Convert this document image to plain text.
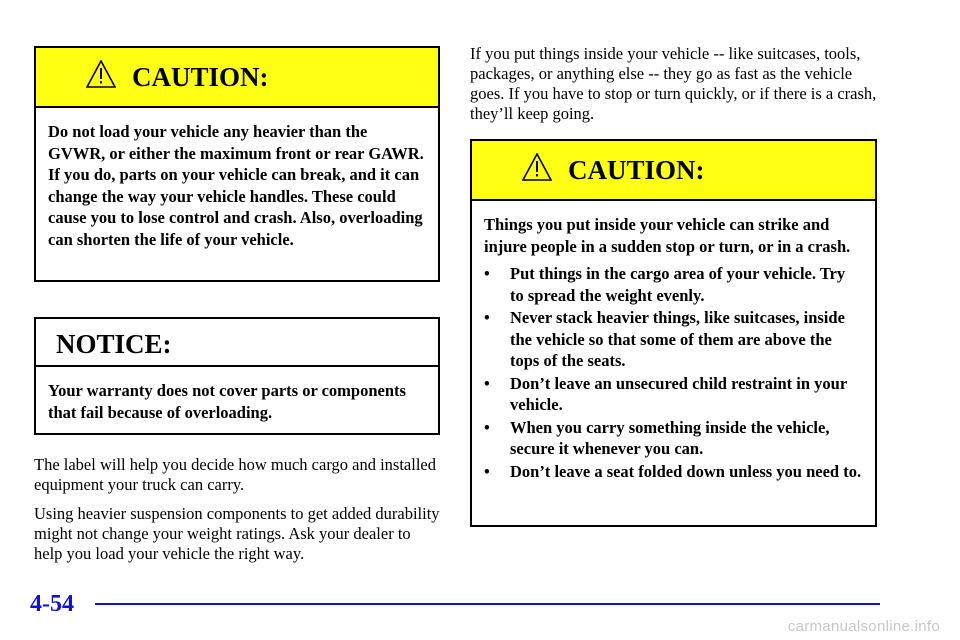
CAUTION:
Do not load your vehicle any heavier than the GVWR, or either the maximum front or rear GAWR. If you do, parts on your vehicle can break, and it can change the way your vehicle handles. These could cause you to lose control and crash. Also, overloading can shorten the life of your vehicle.
NOTICE:
Your warranty does not cover parts or components that fail because of overloading.

The label will help you decide how much cargo and installed equipment your truck can carry.

Using heavier suspension components to get added durability might not change your weight ratings. Ask your dealer to help you load your vehicle the right way.

If you put things inside your vehicle -- like suitcases, tools, packages, or anything else -- they go as fast as the vehicle goes. If you have to stop or turn quickly, or if there is a crash, they’ll keep going.

CAUTION:
Things you put inside your vehicle can strike and injure people in a sudden stop or turn, or in a crash.
• Put things in the cargo area of your vehicle. Try to spread the weight evenly.
• Never stack heavier things, like suitcases, inside the vehicle so that some of them are above the tops of the seats.
• Don’t leave an unsecured child restraint in your vehicle.
• When you carry something inside the vehicle, secure it whenever you can.
• Don’t leave a seat folded down unless you need to.
4-54
carmanualsonline.info
